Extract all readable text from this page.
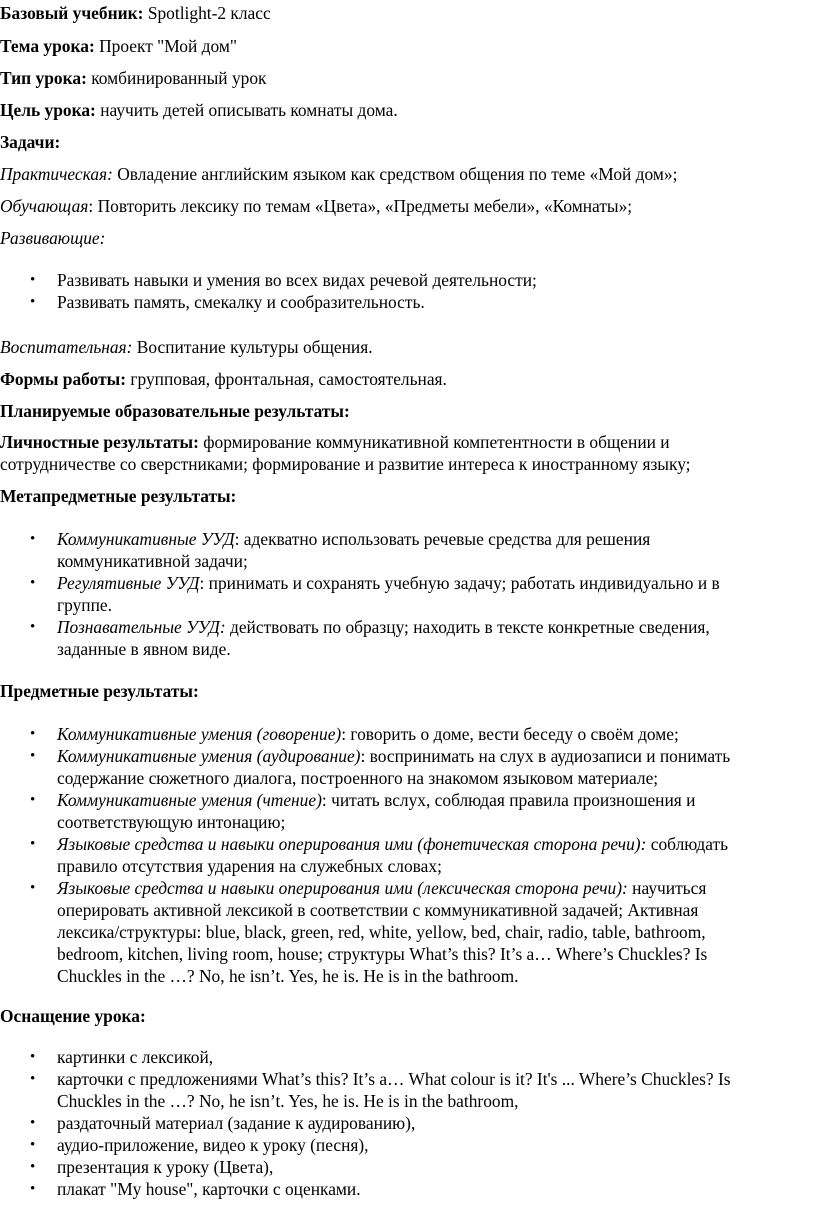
Базовый учебник: Spotlight-2 класс

Тема урока: Проект "Мой дом"

Тип урока: комбинированный урок

Цель урока: научить детей описывать комнаты дома.

Задачи:

Практическая: Овладение английским языком как средством общения по теме «Мой дом»;

Обучающая: Повторить лексику по темам «Цвета», «Предметы мебели», «Комнаты»;

Развивающие:

• Развивать навыки и умения во всех видах речевой деятельности;
• Развивать память, смекалку и сообразительность.

Воспитательная: Воспитание культуры общения.

Формы работы: групповая, фронтальная, самостоятельная.

Планируемые образовательные результаты:

Личностные результаты: формирование коммуникативной компетентности в общении и

сотрудничестве со сверстниками; формирование и развитие интереса к иностранному языку;

Метапредметные результаты:

• Коммуникативные УУД: адекватно использовать речевые средства для решения
коммуникативной задачи;
• Регулятивные УУД: принимать и сохранять учебную задачу; работать индивидуально и в
группе.
• Познавательные УУД: действовать по образцу; находить в тексте конкретные сведения,
заданные в явном виде.

Предметные результаты:

• Коммуникативные умения (говорение): говорить о доме, вести беседу о своём доме;
• Коммуникативные умения (аудирование): воспринимать на слух в аудиозаписи и понимать
содержание сюжетного диалога, построенного на знакомом языковом материале;
• Коммуникативные умения (чтение): читать вслух, соблюдая правила произношения и
соответствующую интонацию;
• Языковые средства и навыки оперирования ими (фонетическая сторона речи): соблюдать
правило отсутствия ударения на служебных словах;
• Языковые средства и навыки оперирования ими (лексическая сторона речи): научиться
оперировать активной лексикой в соответствии с коммуникативной задачей; Активная
лексика/структуры: blue, black, green, red, white, yellow, bed, chair, radio, table, bathroom,
bedroom, kitchen, living room, house; структуры What’s this? It’s a… Where’s Chuckles? Is
Chuckles in the …? No, he isn’t. Yes, he is. He is in the bathroom.

Оснащение урока:

• картинки с лексикой,
• карточки с предложениями What’s this? It’s a… What colour is it? It's ... Where’s Chuckles? Is
Chuckles in the …? No, he isn’t. Yes, he is. He is in the bathroom,
• раздаточный материал (задание к аудированию),
• аудио-приложение, видео к уроку (песня),
• презентация к уроку (Цвета),
• плакат "My house", карточки с оценками.
